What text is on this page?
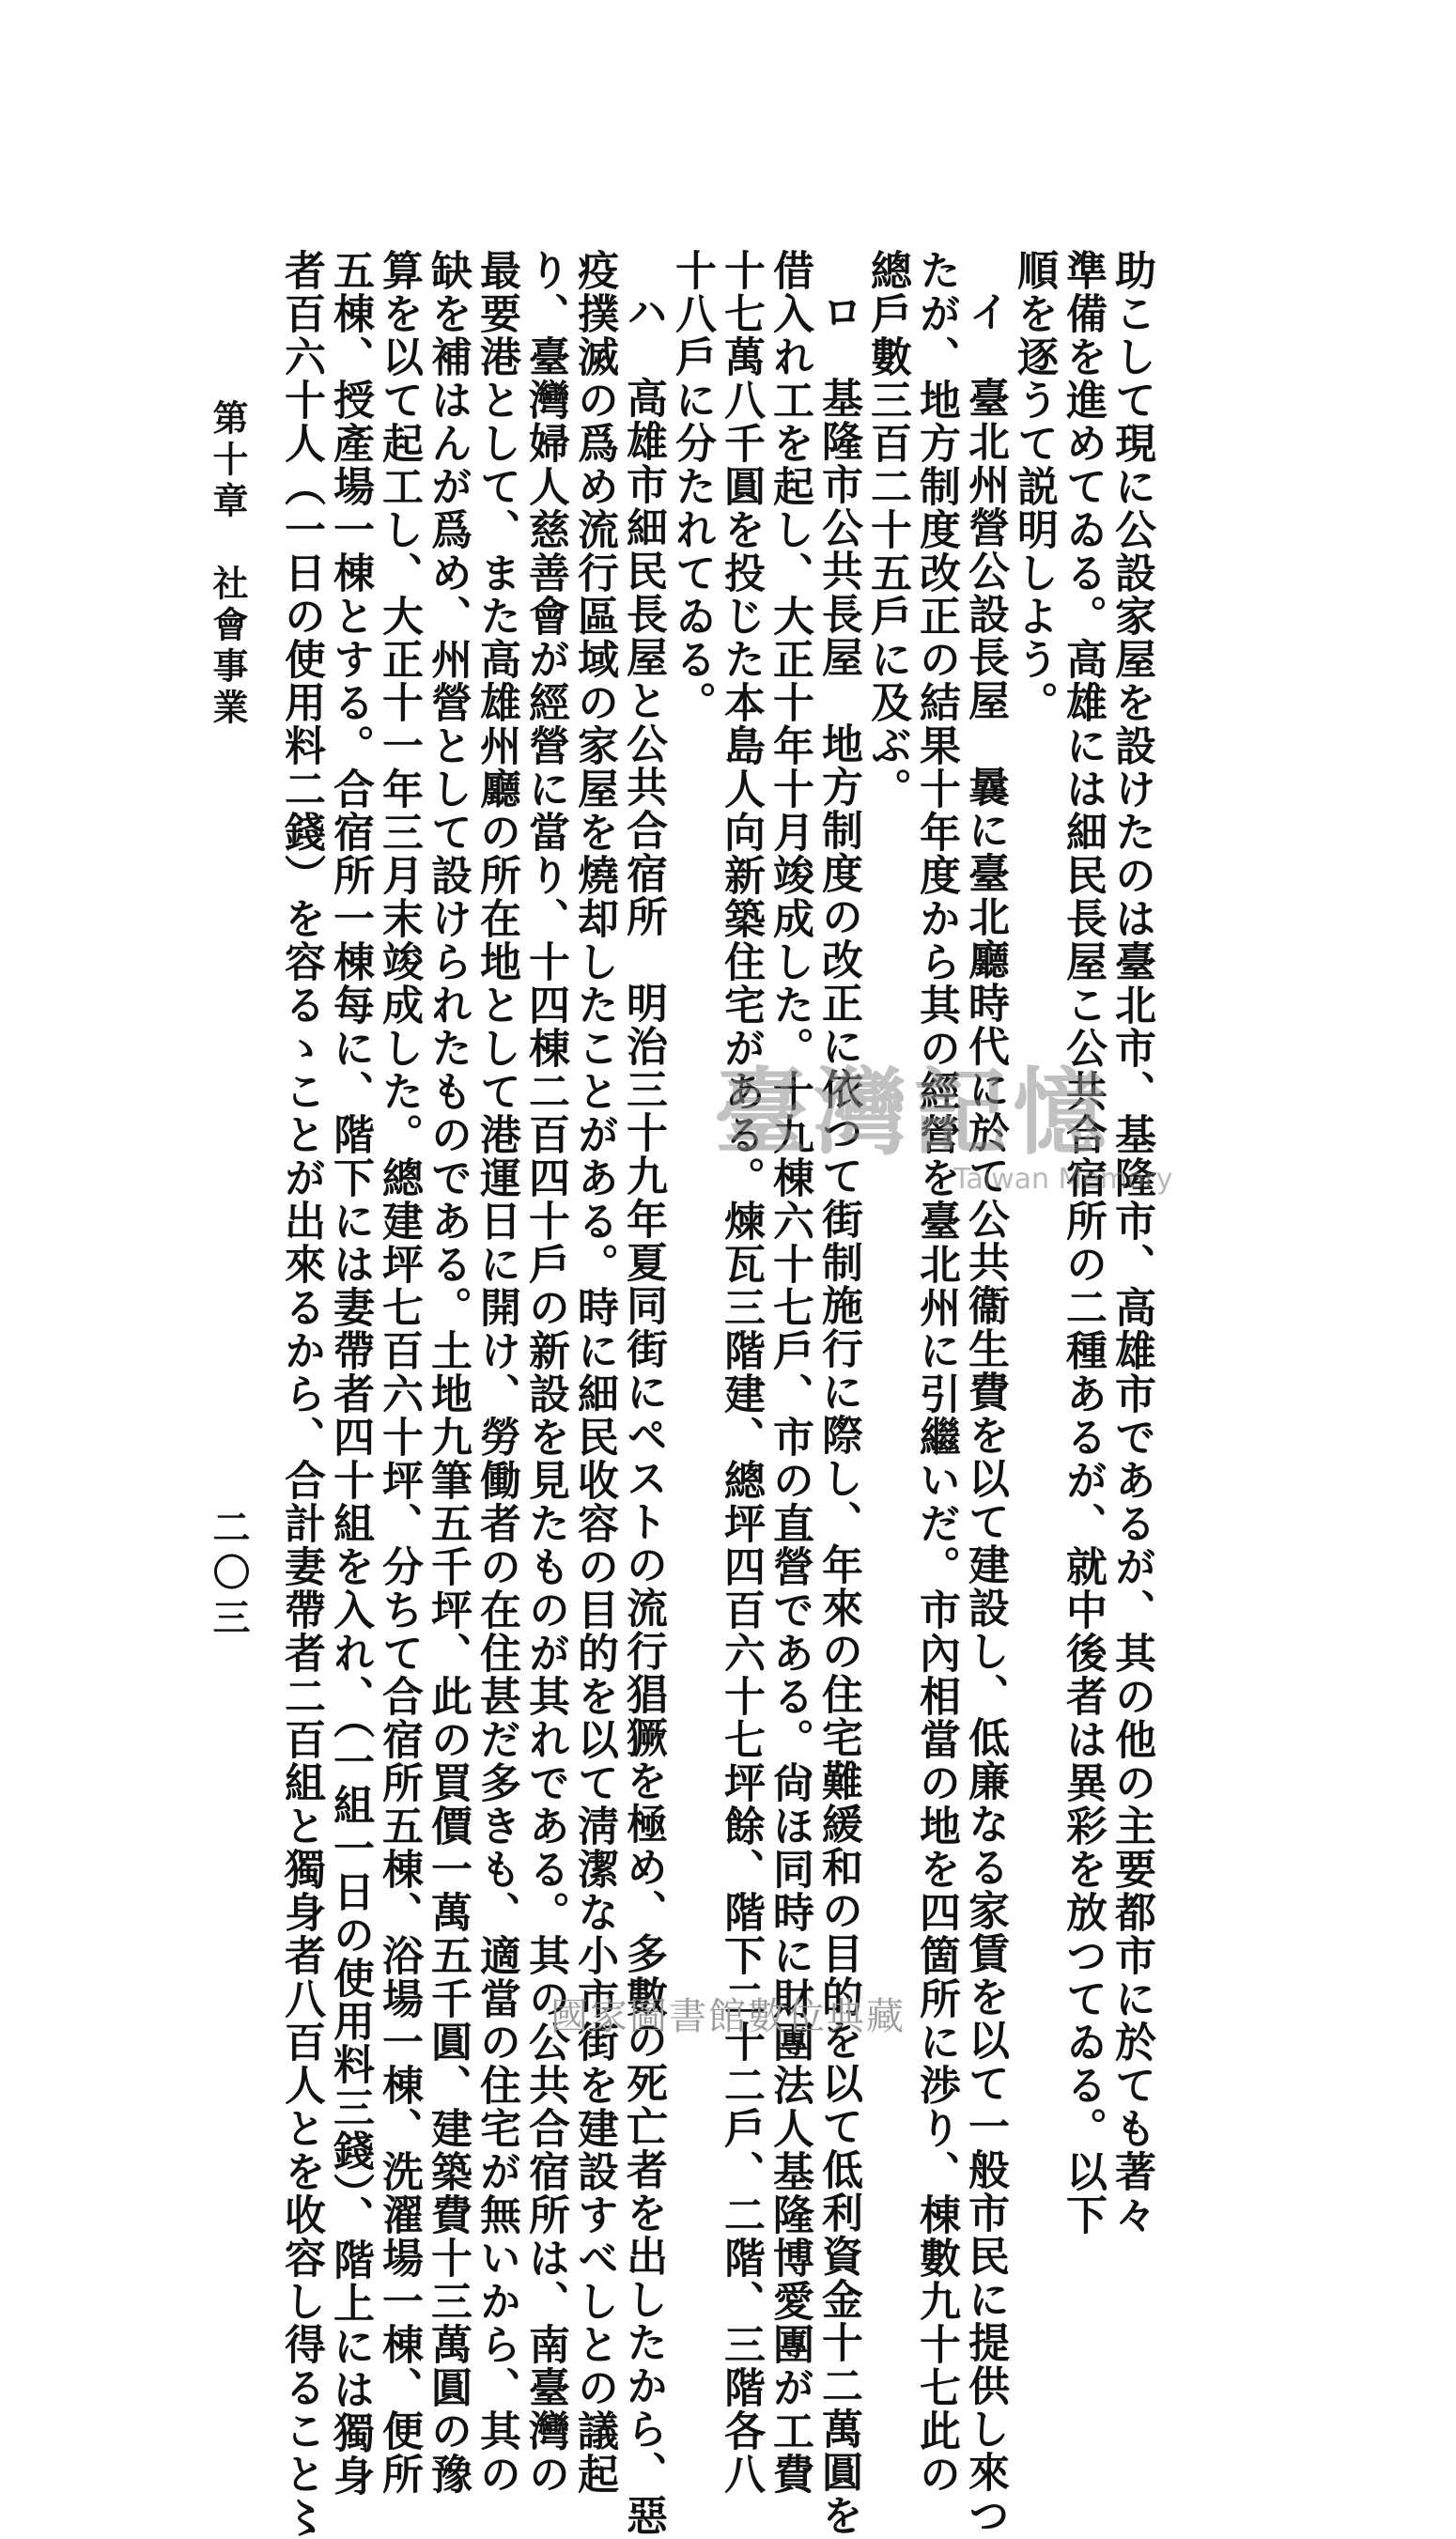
助こして現に公設家屋を設けたのは臺北市、基隆市、高雄市であるが、其の他の主要都市に於ても著々

準備を進めてゐる。高雄には細民長屋こ公共合宿所の二種あるが、就中後者は異彩を放つてゐる。以下

順を逐うて説明しよう。

イ　臺北州營公設長屋　曩に臺北廳時代に於て公共衞生費を以て建設し、低廉なる家賃を以て一般市民に提供し來つ

たが、地方制度改正の結果十年度から其の經營を臺北州に引繼いだ。市內相當の地を四箇所に渉り、棟數九十七此の

總戶數三百二十五戶に及ぶ。

ロ　基隆市公共長屋　地方制度の改正に依つて街制施行に際し、年來の住宅難緩和の目的を以て低利資金十二萬圓を

借入れ工を起し、大正十年十月竣成した。十九棟六十七戶、市の直營である。尙ほ同時に財團法人基隆博愛團が工費

十七萬八千圓を投じた本島人向新築住宅がある。煉瓦三階建、總坪四百六十七坪餘、階下二十二戶、二階、三階各八

十八戶に分たれてゐる。

ハ　高雄市細民長屋と公共合宿所　明治三十九年夏同街にペストの流行猖獗を極め、多數の死亡者を出したから、惡

疫撲滅の爲め流行區域の家屋を燒却したことがある。時に細民收容の目的を以て淸潔な小市街を建設すべしとの議起

り、臺灣婦人慈善會が經營に當り、十四棟二百四十戶の新設を見たものが其れである。其の公共合宿所は、南臺灣の

最要港として、また高雄州廳の所在地として港運日に開け、勞働者の在住甚だ多きも、適當の住宅が無いから、其の

缺を補はんが爲め、州營として設けられたものである。土地九筆五千坪、此の買價一萬五千圓、建築費十三萬圓の豫

算を以て起工し、大正十一年三月末竣成した。總建坪七百六十坪、分ちて合宿所五棟、浴場一棟、洗濯場一棟、便所

五棟、授產場一棟とする。合宿所一棟每に、階下には妻帶者四十組を入れ、（一組一日の使用料三錢）、階上には獨身

者百六十人（一日の使用料二錢）を容るゝことが出來るから、合計妻帶者二百組と獨身者八百人とを收容し得ること〻

第十章　社會事業
二〇三
臺灣記憶
Taiwan Memory
國家圖書館數位典藏
